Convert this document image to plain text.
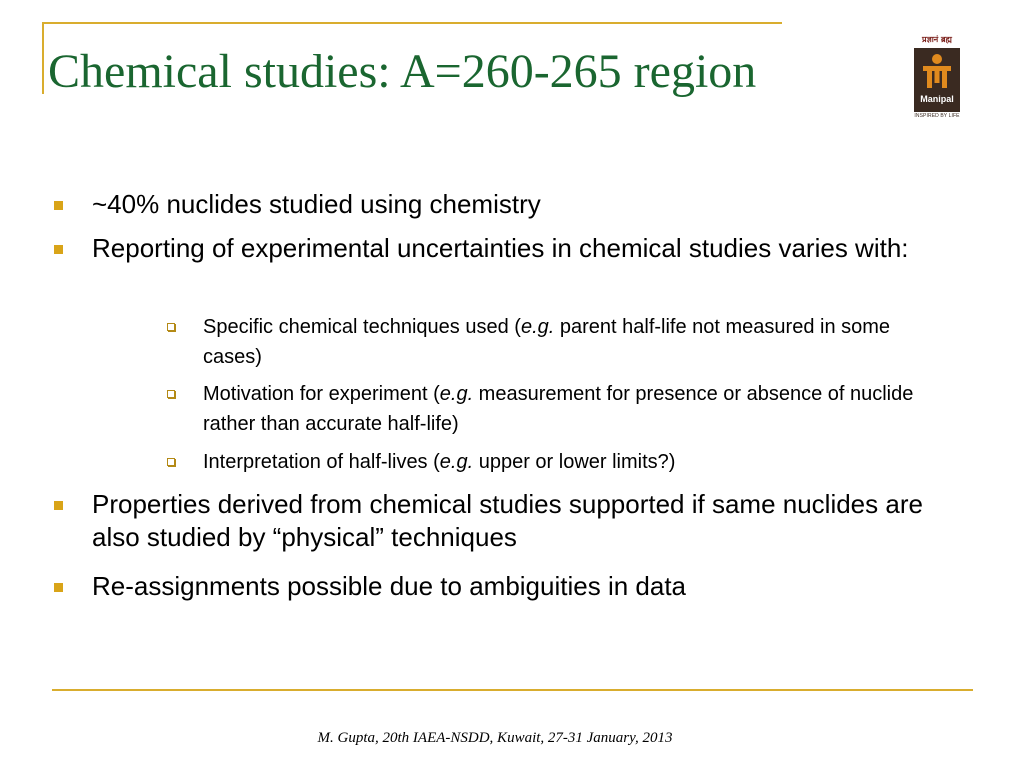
Chemical studies: A=260-265 region
प्रज्ञानं ब्रह्म
Manipal
INSPIRED BY LIFE
~40% nuclides studied using chemistry
Reporting of experimental uncertainties in chemical studies varies with:
Specific chemical techniques used (e.g. parent half-life not measured in some cases)
Motivation for experiment (e.g. measurement for presence or absence of nuclide rather than accurate half-life)
Interpretation of half-lives (e.g. upper or lower limits?)
Properties derived from chemical studies supported if same nuclides are also studied by “physical” techniques
Re-assignments possible due to ambiguities in data
M. Gupta, 20th IAEA-NSDD, Kuwait, 27-31 January, 2013
